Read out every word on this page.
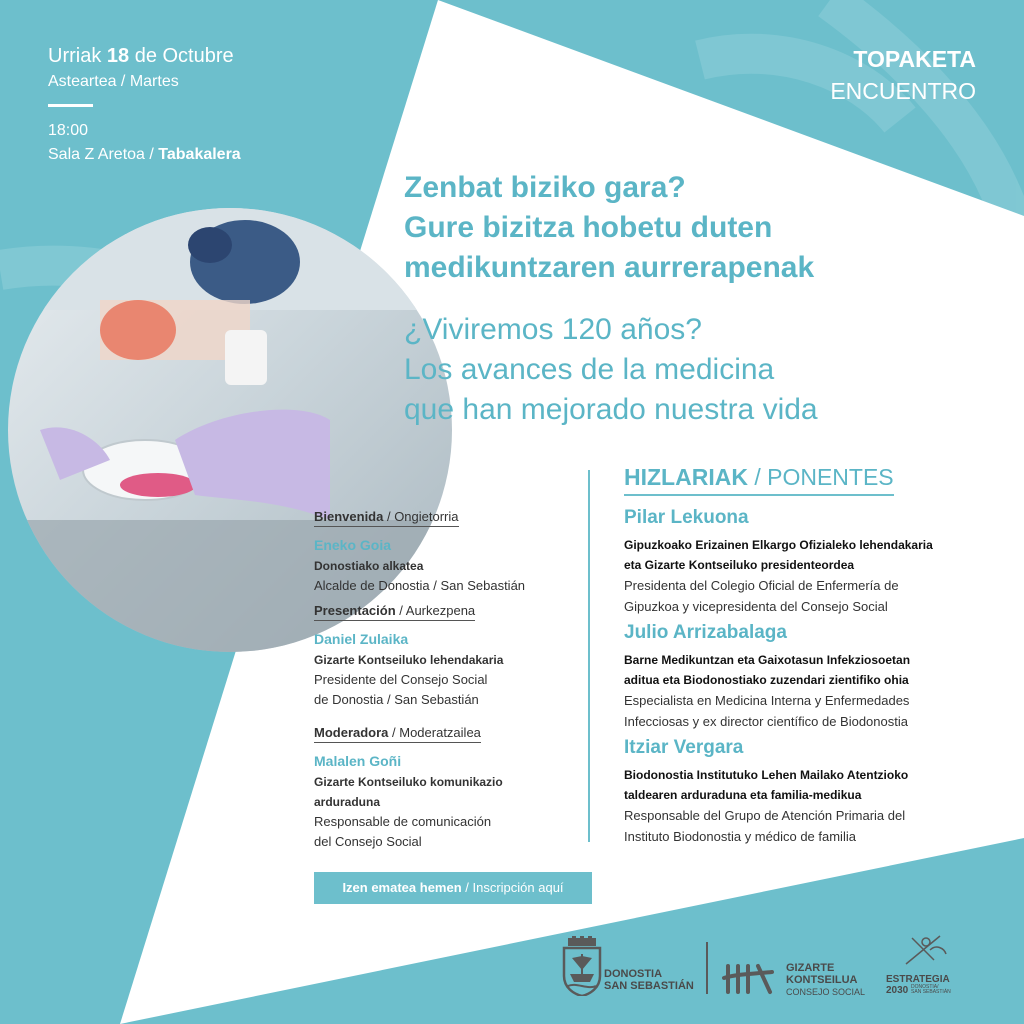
Urriak 18 de Octubre
Asteartea / Martes
18:00
Sala Z Aretoa / Tabakalera
TOPAKETA
ENCUENTRO
Zenbat biziko gara?
Gure bizitza hobetu duten
medikuntzaren aurrerapenak
¿Viviremos 120 años?
Los avances de la medicina
que han mejorado nuestra vida
Bienvenida / Ongietorria
Eneko Goia
Donostiako alkatea
Alcalde de Donostia / San Sebastián
Presentación / Aurkezpena
Daniel Zulaika
Gizarte Kontseiluko lehendakaria
Presidente del Consejo Social
de Donostia / San Sebastián
Moderadora / Moderatzailea
Malalen Goñi
Gizarte Kontseiluko komunikazio
arduraduna
Responsable de comunicación
del Consejo Social
HIZLARIAK / PONENTES
Pilar Lekuona
Gipuzkoako Erizainen Elkargo Ofizialeko lehendakaria
eta Gizarte Kontseiluko presidenteordea
Presidenta del Colegio Oficial de Enfermería de
Gipuzkoa y vicepresidenta del Consejo Social
Julio Arrizabalaga
Barne Medikuntzan eta Gaixotasun Infekziosoetan
aditua eta Biodonostiako zuzendari zientifiko ohia
Especialista en Medicina Interna y Enfermedades
Infecciosas y ex director científico de Biodonostia
Itziar Vergara
Biodonostia Institutuko Lehen Mailako Atentzioko
taldearen arduraduna eta familia-medikua
Responsable del Grupo de Atención Primaria del
Instituto Biodonostia y médico de familia
Izen ematea hemen / Inscripción aquí
DONOSTIA
SAN SEBASTIÁN
GIZARTE
KONTSEILUA
CONSEJO SOCIAL
ESTRATEGIA
2030 DONOSTIA/
SAN SEBASTIÁN
